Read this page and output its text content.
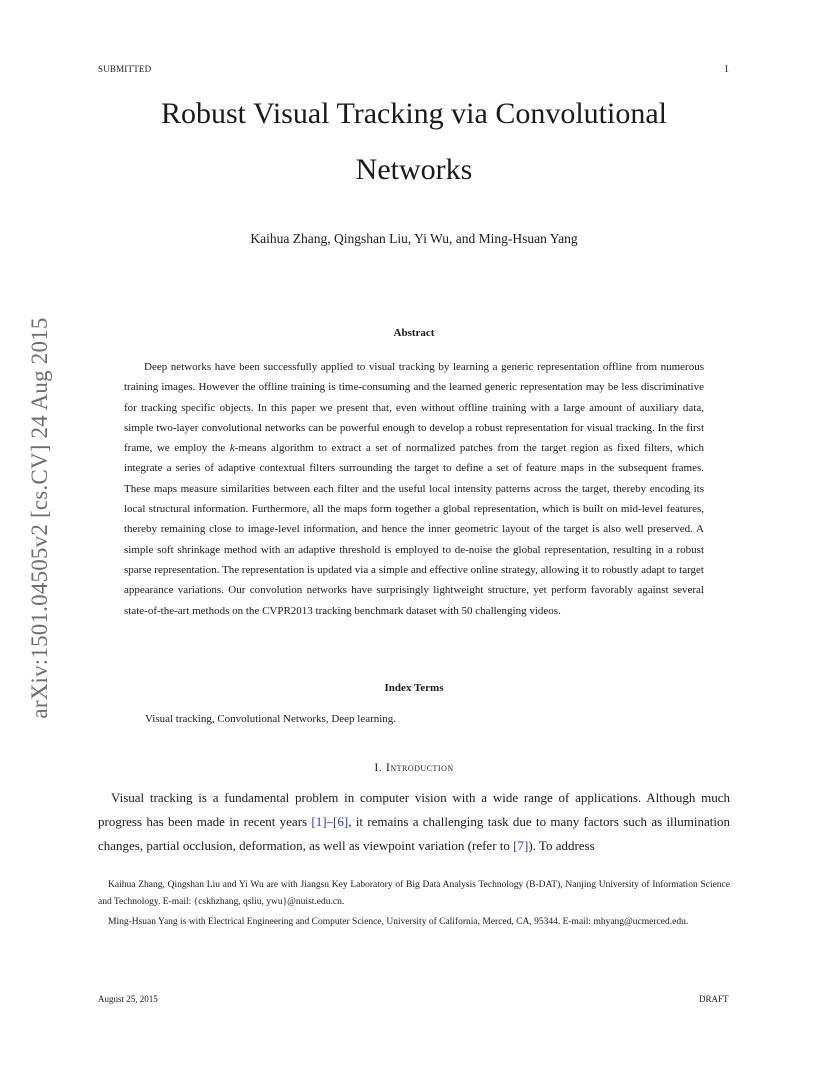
SUBMITTED	1
arXiv:1501.04505v2 [cs.CV] 24 Aug 2015
Robust Visual Tracking via Convolutional
Networks
Kaihua Zhang, Qingshan Liu, Yi Wu, and Ming-Hsuan Yang
Abstract

Deep networks have been successfully applied to visual tracking by learning a generic representation offline from numerous training images. However the offline training is time-consuming and the learned generic representation may be less discriminative for tracking specific objects. In this paper we present that, even without offline training with a large amount of auxiliary data, simple two-layer convolutional networks can be powerful enough to develop a robust representation for visual tracking. In the first frame, we employ the k-means algorithm to extract a set of normalized patches from the target region as fixed filters, which integrate a series of adaptive contextual filters surrounding the target to define a set of feature maps in the subsequent frames. These maps measure similarities between each filter and the useful local intensity patterns across the target, thereby encoding its local structural information. Furthermore, all the maps form together a global representation, which is built on mid-level features, thereby remaining close to image-level information, and hence the inner geometric layout of the target is also well preserved. A simple soft shrinkage method with an adaptive threshold is employed to de-noise the global representation, resulting in a robust sparse representation. The representation is updated via a simple and effective online strategy, allowing it to robustly adapt to target appearance variations. Our convolution networks have surprisingly lightweight structure, yet perform favorably against several state-of-the-art methods on the CVPR2013 tracking benchmark dataset with 50 challenging videos.

Index Terms
Visual tracking, Convolutional Networks, Deep learning.
I. Introduction

Visual tracking is a fundamental problem in computer vision with a wide range of applications. Although much progress has been made in recent years [1]–[6], it remains a challenging task due to many factors such as illumination changes, partial occlusion, deformation, as well as viewpoint variation (refer to [7]). To address

Kaihua Zhang, Qingshan Liu and Yi Wu are with Jiangsu Key Laboratory of Big Data Analysis Technology (B-DAT), Nanjing University of Information Science and Technology. E-mail: {cskhzhang, qsliu, ywu}@nuist.edu.cn.

Ming-Hsuan Yang is with Electrical Engineering and Computer Science, University of California, Merced, CA, 95344. E-mail: mhyang@ucmerced.edu.

August 25, 2015	DRAFT
